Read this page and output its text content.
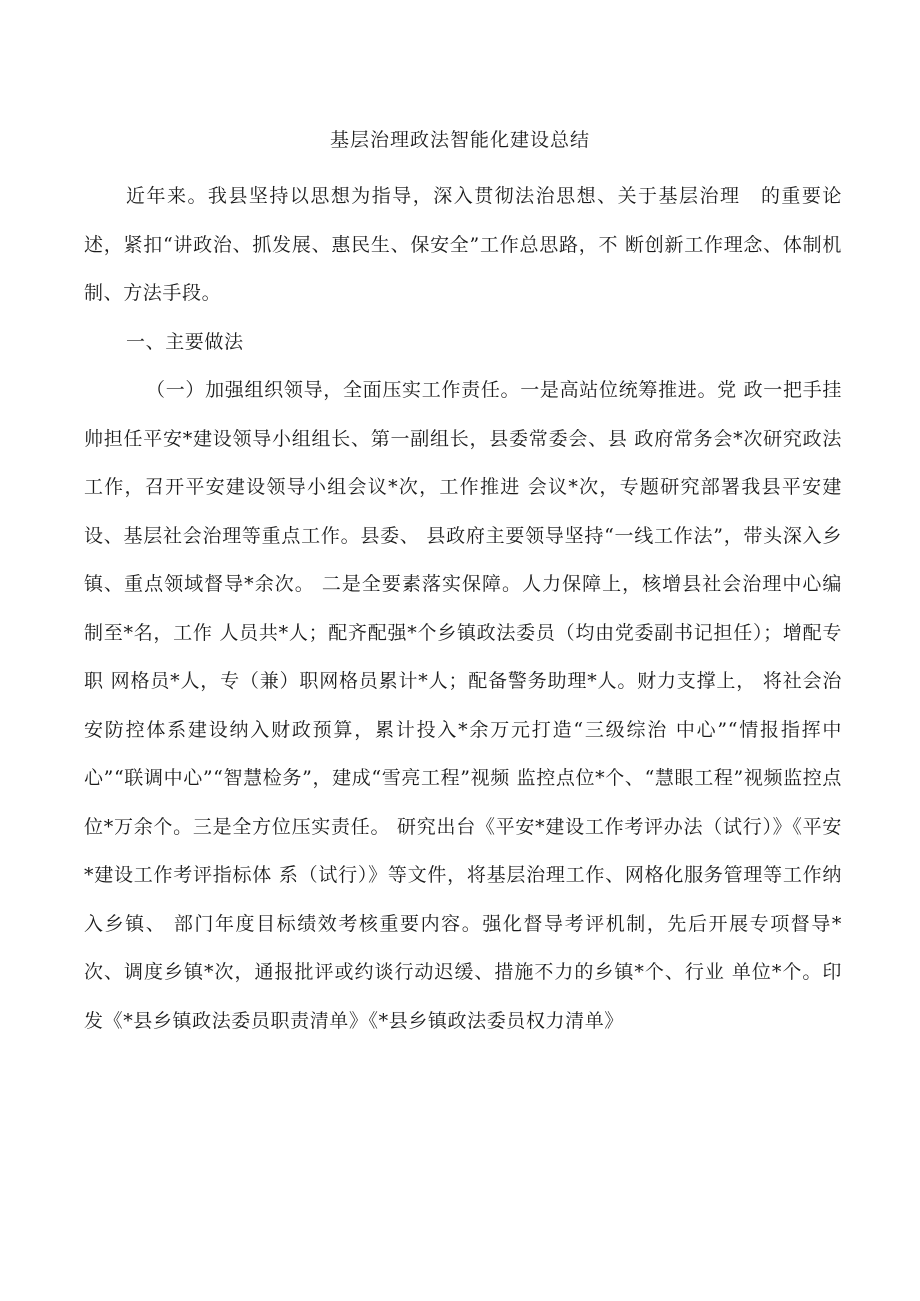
基层治理政法智能化建设总结

近年来。我县坚持以思想为指导，深入贯彻法治思想、关于基层治理　的重要论述，紧扣“讲政治、抓发展、惠民生、保安全”工作总思路，不 断创新工作理念、体制机制、方法手段。

一、主要做法

（一）加强组织领导，全面压实工作责任。一是高站位统筹推进。党 政一把手挂帅担任平安*建设领导小组组长、第一副组长，县委常委会、县 政府常务会*次研究政法工作，召开平安建设领导小组会议*次，工作推进 会议*次，专题研究部署我县平安建设、基层社会治理等重点工作。县委、 县政府主要领导坚持“一线工作法”，带头深入乡镇、重点领域督导*余次。 二是全要素落实保障。人力保障上，核增县社会治理中心编制至*名，工作 人员共*人；配齐配强*个乡镇政法委员（均由党委副书记担任）；增配专职 网格员*人，专（兼）职网格员累计*人；配备警务助理*人。财力支撑上， 将社会治安防控体系建设纳入财政预算，累计投入*余万元打造“三级综治 中心”“情报指挥中心”“联调中心”“智慧检务”，建成“雪亮工程”视频 监控点位*个、“慧眼工程”视频监控点位*万余个。三是全方位压实责任。 研究出台《平安*建设工作考评办法（试行）》《平安*建设工作考评指标体 系（试行）》等文件，将基层治理工作、网格化服务管理等工作纳入乡镇、 部门年度目标绩效考核重要内容。强化督导考评机制，先后开展专项督导* 次、调度乡镇*次，通报批评或约谈行动迟缓、措施不力的乡镇*个、行业 单位*个。印发《*县乡镇政法委员职责清单》《*县乡镇政法委员权力清单》
